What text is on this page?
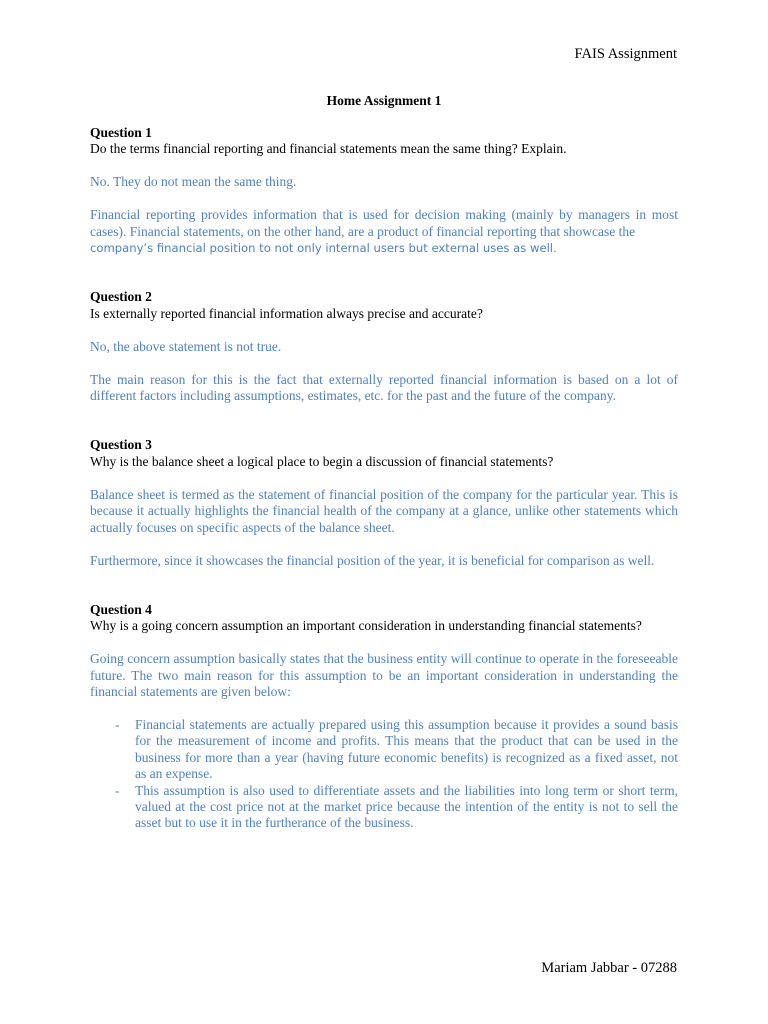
FAIS Assignment
Home Assignment 1

Question 1

Do the terms financial reporting and financial statements mean the same thing? Explain.

No. They do not mean the same thing.

Financial reporting provides information that is used for decision making (mainly by managers in most cases). Financial statements, on the other hand, are a product of financial reporting that showcase the

company’s financial position to not only internal users but external uses as well.

Question 2

Is externally reported financial information always precise and accurate?

No, the above statement is not true.

The main reason for this is the fact that externally reported financial information is based on a lot of different factors including assumptions, estimates, etc. for the past and the future of the company.

Question 3

Why is the balance sheet a logical place to begin a discussion of financial statements?

Balance sheet is termed as the statement of financial position of the company for the particular year. This is because it actually highlights the financial health of the company at a glance, unlike other statements which actually focuses on specific aspects of the balance sheet.

Furthermore, since it showcases the financial position of the year, it is beneficial for comparison as well.

Question 4

Why is a going concern assumption an important consideration in understanding financial statements?

Going concern assumption basically states that the business entity will continue to operate in the foreseeable future. The two main reason for this assumption to be an important consideration in understanding the financial statements are given below:

- Financial statements are actually prepared using this assumption because it provides a sound basis for the measurement of income and profits. This means that the product that can be used in the business for more than a year (having future economic benefits) is recognized as a fixed asset, not as an expense.
- This assumption is also used to differentiate assets and the liabilities into long term or short term, valued at the cost price not at the market price because the intention of the entity is not to sell the asset but to use it in the furtherance of the business.
Mariam Jabbar - 07288
